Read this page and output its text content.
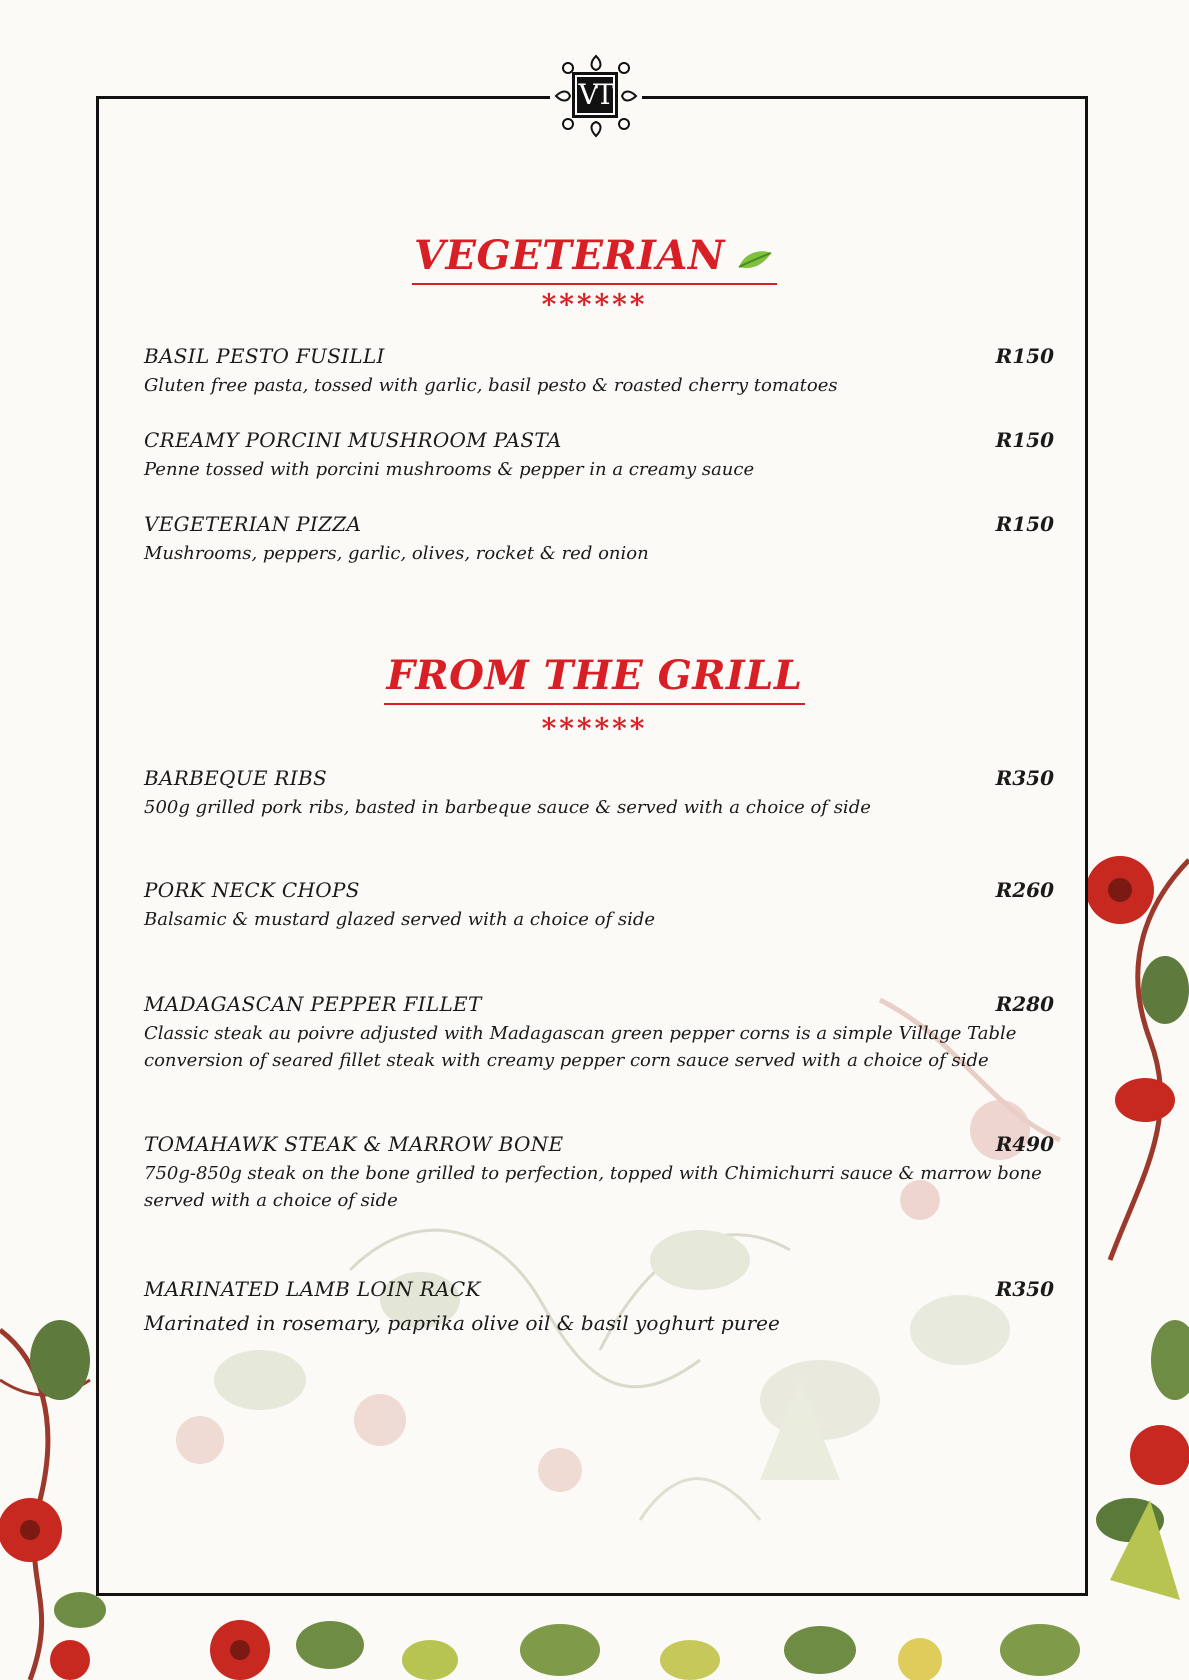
VT
VEGETERIAN
******
BASIL PESTO FUSILLI	R150
Gluten free pasta, tossed with garlic, basil pesto & roasted cherry tomatoes
CREAMY PORCINI MUSHROOM PASTA	R150
Penne tossed with porcini mushrooms & pepper in a creamy sauce
VEGETERIAN PIZZA	R150
Mushrooms, peppers, garlic, olives, rocket & red onion
FROM THE GRILL
******
BARBEQUE RIBS	R350
500g grilled pork ribs, basted in barbeque sauce & served with a choice of side
PORK NECK CHOPS	R260
Balsamic & mustard glazed served with a choice of side
MADAGASCAN PEPPER FILLET	R280
Classic steak au poivre adjusted with Madagascan green pepper corns is a simple Village Table conversion of seared fillet steak with creamy pepper corn sauce served with a choice of side
TOMAHAWK STEAK & MARROW BONE	R490
750g-850g steak on the bone grilled to perfection, topped with Chimichurri sauce & marrow bone served with a choice of side
MARINATED LAMB LOIN RACK	R350
Marinated in rosemary, paprika olive oil & basil yoghurt puree
